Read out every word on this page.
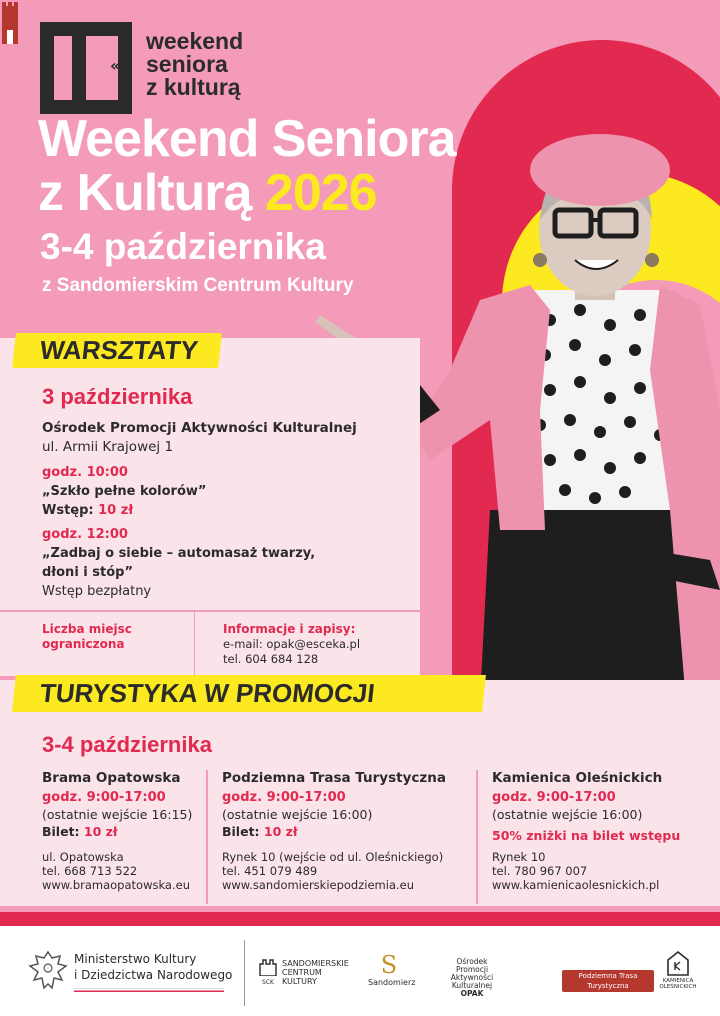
«
weekend
seniora
z kulturą
Weekend Seniora
z Kulturą 2026
3-4 października
z Sandomierskim Centrum Kultury
WARSZTATY
3 października
Ośrodek Promocji Aktywności Kulturalnej
ul. Armii Krajowej 1
godz. 10:00
„Szkło pełne kolorów”
Wstęp: 10 zł
godz. 12:00
„Zadbaj o siebie – automasaż twarzy,
dłoni i stóp”
Wstęp bezpłatny
Liczba miejsc
ograniczona
Informacje i zapisy:
e-mail: opak@esceka.pl
tel. 604 684 128
TURYSTYKA W PROMOCJI
3-4 października
Brama Opatowska
godz. 9:00-17:00
(ostatnie wejście 16:15)
Bilet: 10 zł
ul. Opatowska
tel. 668 713 522
www.bramaopatowska.eu
Podziemna Trasa Turystyczna
godz. 9:00-17:00
(ostatnie wejście 16:00)
Bilet: 10 zł
Rynek 10 (wejście od ul. Oleśnickiego)
tel. 451 079 489
www.sandomierskiepodziemia.eu
Kamienica Oleśnickich
godz. 9:00-17:00
(ostatnie wejście 16:00)
50% zniżki na bilet wstępu
Rynek 10
tel. 780 967 007
www.kamienicaolesnickich.pl
Ministerstwo Kultury
i Dziedzictwa Narodowego
SCK
SANDOMIERSKIE
CENTRUM
KULTURY
S
Sandomierz
Ośrodek
Promocji
Aktywności
Kulturalnej
OPAK
Podziemna Trasa Turystyczna
KAMIENICA
OLEŚNICKICH
